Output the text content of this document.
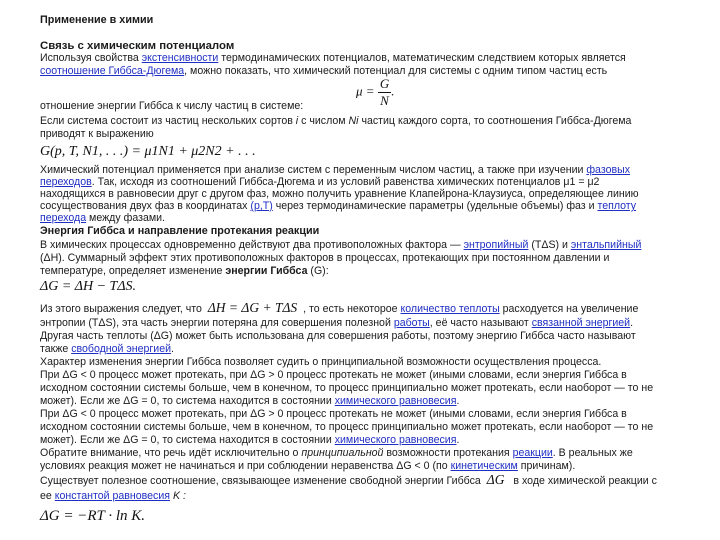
Применение в химии
Связь с химическим потенциалом
Используя свойства экстенсивности термодинамических потенциалов, математическим следствием которых является
соотношение Гиббса-Дюгема, можно показать, что химический потенциал для системы с одним типом частиц есть
$\mu = \frac{G}{N}$ .
отношение энергии Гиббса к числу частиц в системе:
Если система состоит из частиц нескольких сортов i с числом Ni частиц каждого сорта, то соотношения Гиббса-Дюгема
приводят к выражению
G(p, T, N1, . . .) = μ1N1 + μ2N2 + . . .
Химический потенциал применяется при анализе систем с переменным числом частиц, а также при изучении фазовых
переходов. Так, исходя из соотношений Гиббса-Дюгема и из условий равенства химических потенциалов μ1 = μ2
находящихся в равновесии друг с другом фаз, можно получить уравнение Клапейрона-Клаузиуса, определяющее линию
сосуществования двух фаз в координатах (p,T) через термодинамические параметры (удельные объемы) фаз и теплоту
перехода между фазами.
Энергия Гиббса и направление протекания реакции
В химических процессах одновременно действуют два противоположных фактора — энтропийный (TΔS) и энтальпийный
(ΔH). Суммарный эффект этих противоположных факторов в процессах, протекающих при постоянном давлении и
температуре, определяет изменение энергии Гиббса (G):
ΔG = ΔH − TΔS.
Из этого выражения следует, что ΔH = ΔG + TΔS , то есть некоторое количество теплоты расходуется на увеличение
энтропии (TΔS), эта часть энергии потеряна для совершения полезной работы, её часто называют связанной энергией.
Другая часть теплоты (ΔG) может быть использована для совершения работы, поэтому энергию Гиббса часто называют
также свободной энергией.
Характер изменения энергии Гиббса позволяет судить о принципиальной возможности осуществления процесса.
При ΔG < 0 процесс может протекать, при ΔG > 0 процесс протекать не может (иными словами, если энергия Гиббса в
исходном состоянии системы больше, чем в конечном, то процесс принципиально может протекать, если наоборот — то не
может). Если же ΔG = 0, то система находится в состоянии химического равновесия.
При ΔG < 0 процесс может протекать, при ΔG > 0 процесс протекать не может (иными словами, если энергия Гиббса в
исходном состоянии системы больше, чем в конечном, то процесс принципиально может протекать, если наоборот — то не
может). Если же ΔG = 0, то система находится в состоянии химического равновесия.
Обратите внимание, что речь идёт исключительно о принципиальной возможности протекания реакции. В реальных же
условиях реакция может не начинаться и при соблюдении неравенства ΔG < 0 (по кинетическим причинам).
Существует полезное соотношение, связывающее изменение свободной энергии Гиббса ΔG в ходе химической реакции с
ее константой равновесия K :
ΔG = −RT · ln K.
